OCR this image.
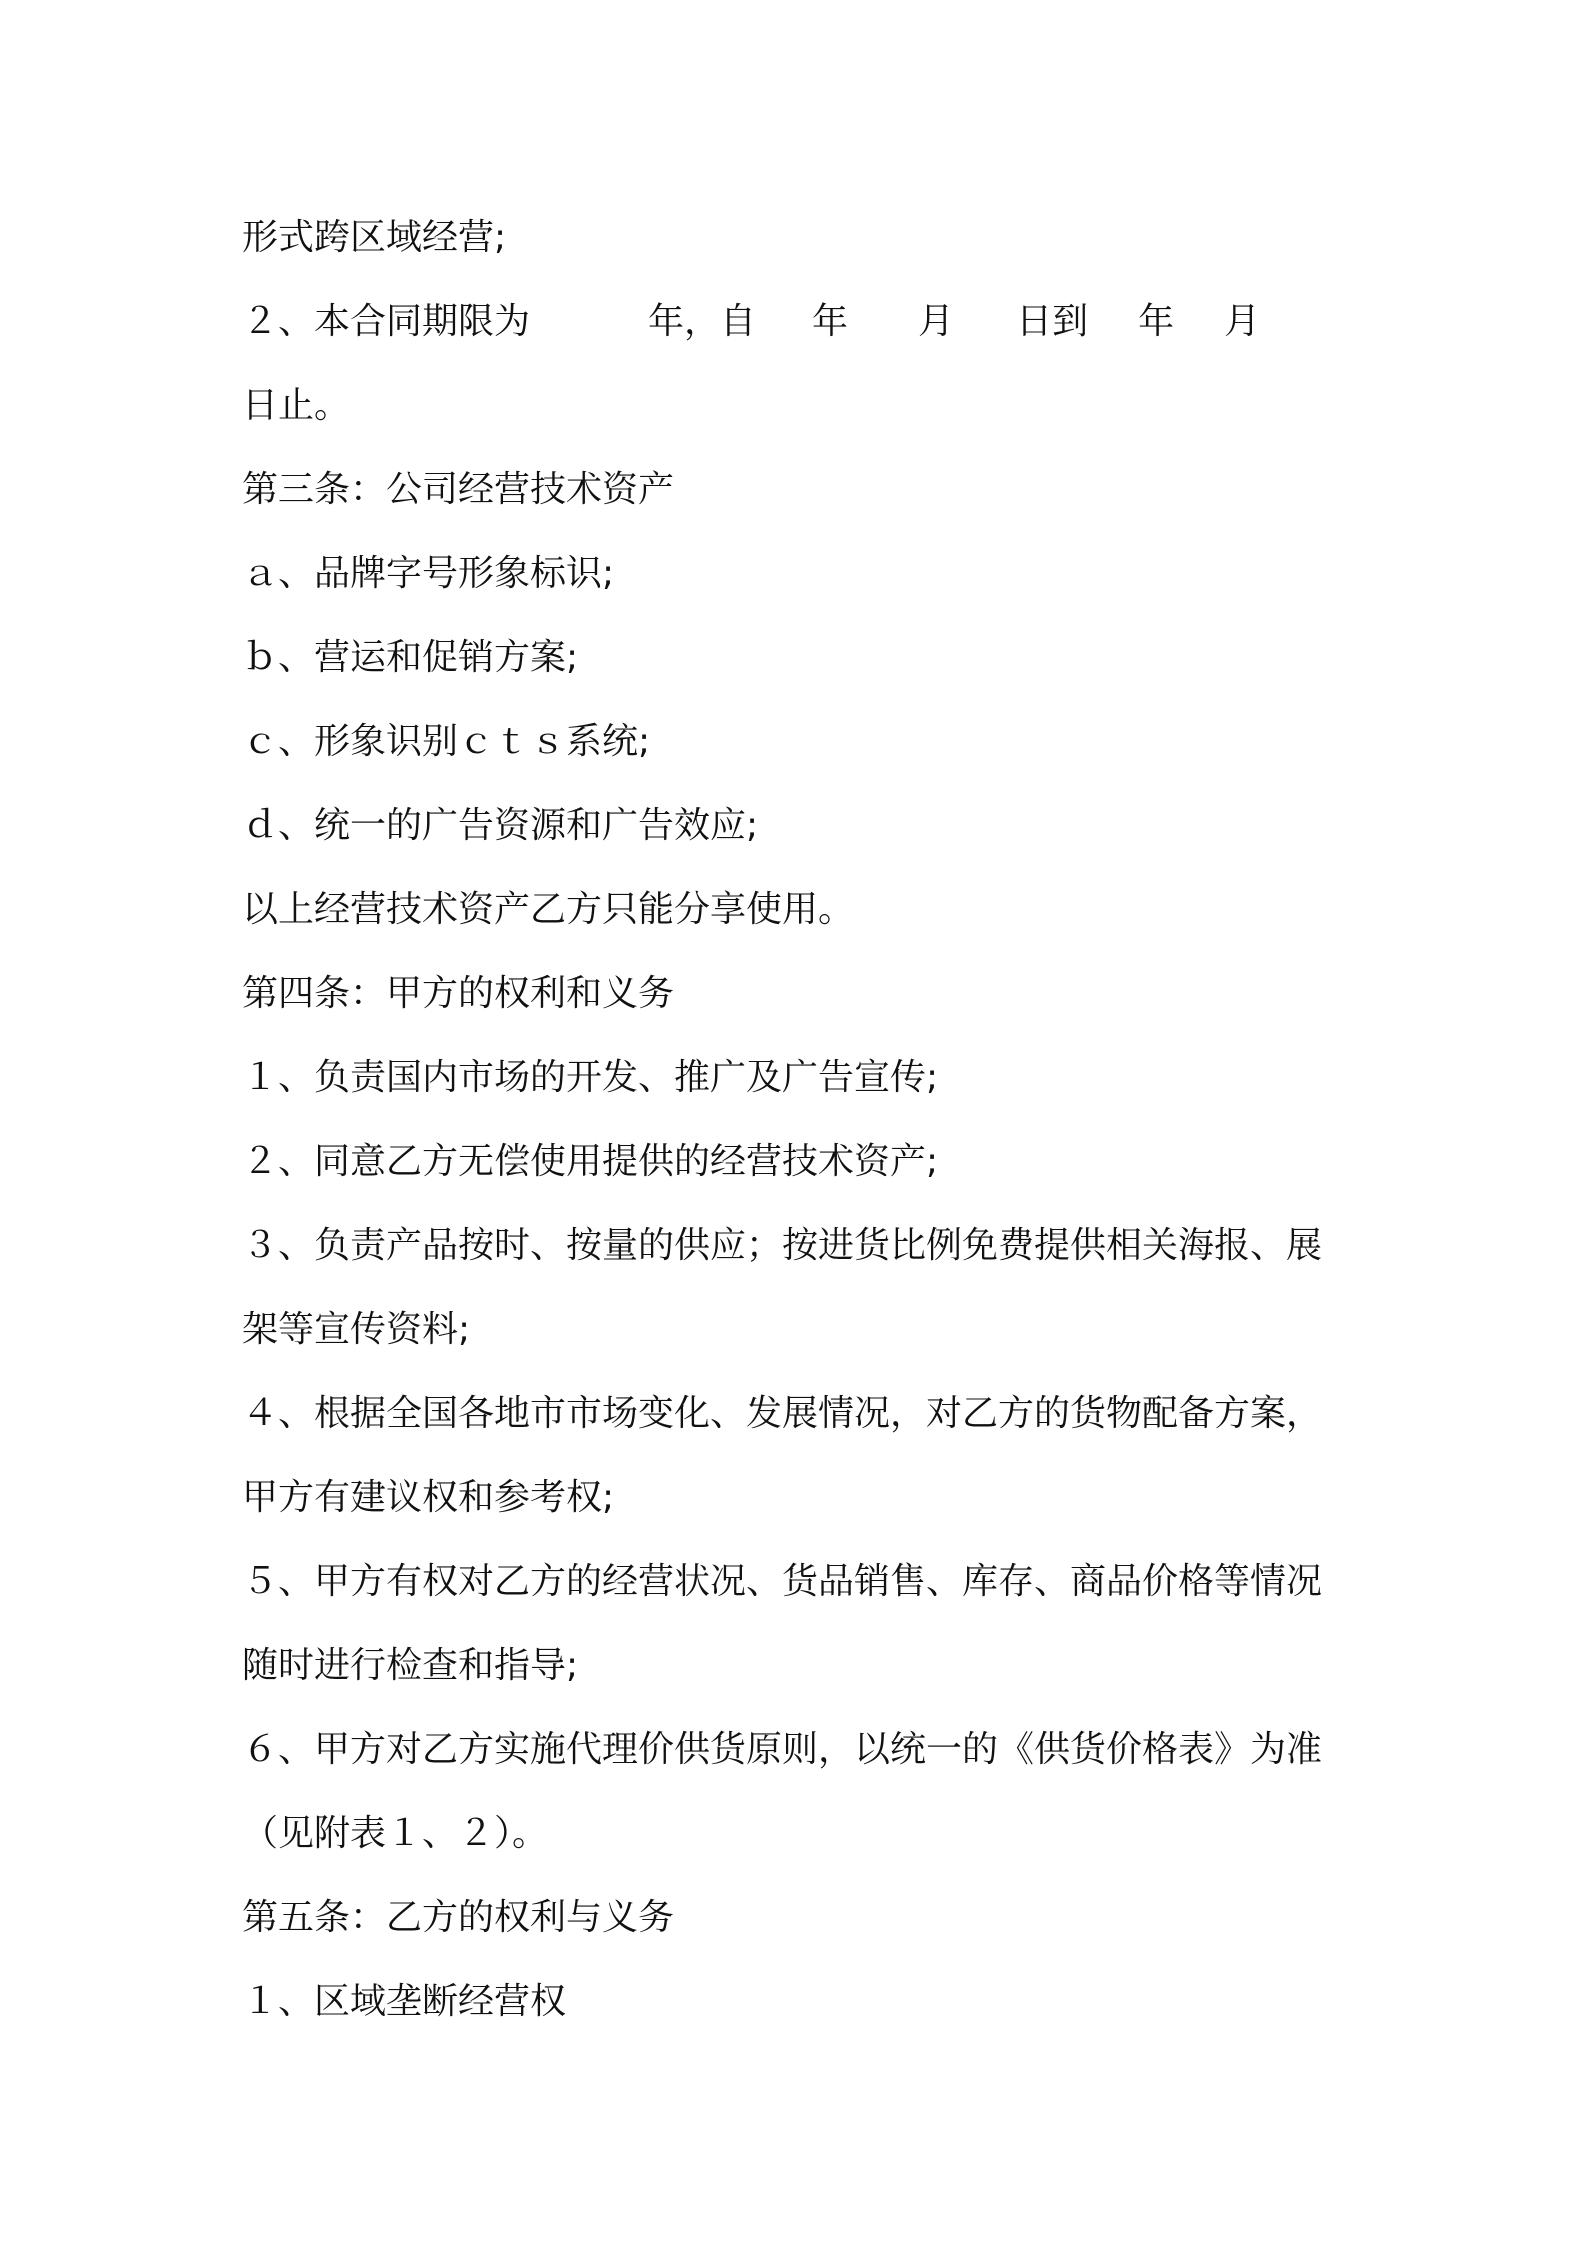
形式跨区域经营;
２、本合同期限为	年，自 年 月 日到 年 月
日止。
第三条：公司经营技术资产
ａ、品牌字号形象标识;
ｂ、营运和促销方案;
ｃ、形象识别ｃｔｓ系统;
ｄ、统一的广告资源和广告效应;
以上经营技术资产乙方只能分享使用。
第四条：甲方的权利和义务
１、负责国内市场的开发、推广及广告宣传;
２、同意乙方无偿使用提供的经营技术资产;
３、负责产品按时、按量的供应；按进货比例免费提供相关海报、展
架等宣传资料;
４、根据全国各地市市场变化、发展情况，对乙方的货物配备方案，
甲方有建议权和参考权;
５、甲方有权对乙方的经营状况、货品销售、库存、商品价格等情况
随时进行检查和指导;
６、甲方对乙方实施代理价供货原则，以统一的《供货价格表》为准
（见附表１、２）。
第五条：乙方的权利与义务
１、区域垄断经营权
